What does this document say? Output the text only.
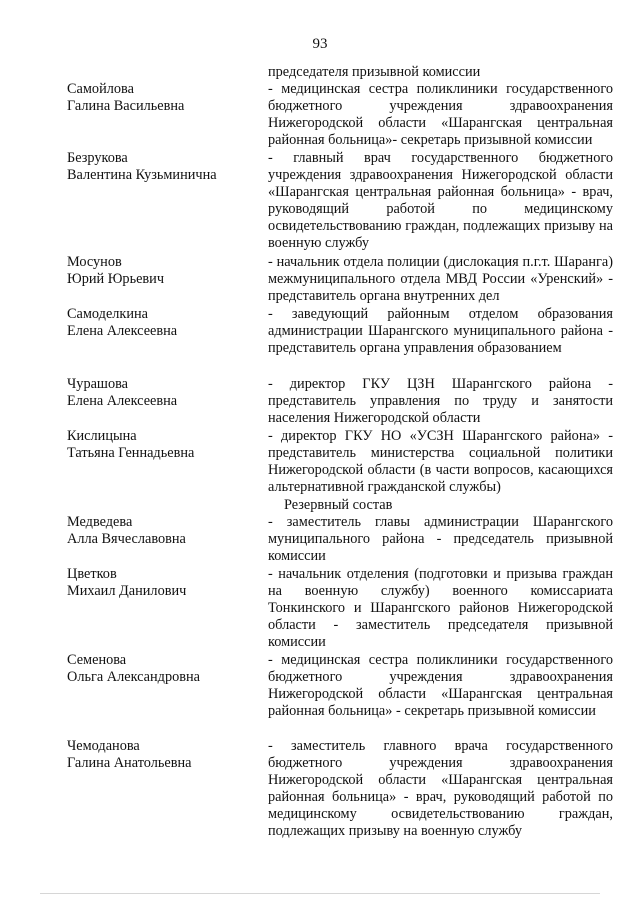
93
председателя призывной комиссии
Самойлова
Галина Васильевна
- медицинская сестра поликлиники государственного бюджетного учреждения здравоохранения Нижегородской области «Шарангская центральная районная больница»- секретарь призывной комиссии
Безрукова
Валентина Кузьминична
- главный врач государственного бюджетного учреждения здравоохранения Нижегородской области «Шарангская центральная районная больница» - врач, руководящий работой по медицинскому освидетельствованию граждан, подлежащих призыву на военную службу
Мосунов
Юрий Юрьевич
- начальник отдела полиции (дислокация п.г.т. Шаранга) межмуниципального отдела МВД России «Уренский» - представитель органа внутренних дел
Самоделкина
Елена Алексеевна
- заведующий районным отделом образования администрации Шарангского муниципального района - представитель органа управления образованием
Чурашова
Елена Алексеевна
- директор ГКУ ЦЗН Шарангского района - представитель управления по труду и занятости населения Нижегородской области
Кислицына
Татьяна Геннадьевна
- директор ГКУ НО «УСЗН Шарангского района» - представитель министерства социальной политики Нижегородской области (в части вопросов, касающихся альтернативной гражданской службы)
Резервный состав
Медведева
Алла Вячеславовна
- заместитель главы администрации Шарангского муниципального района - председатель призывной комиссии
Цветков
Михаил Данилович
- начальник отделения (подготовки и призыва граждан на военную службу) военного комиссариата Тонкинского и Шарангского районов Нижегородской области - заместитель председателя призывной комиссии
Семенова
Ольга Александровна
- медицинская сестра поликлиники государственного бюджетного учреждения здравоохранения Нижегородской области «Шарангская центральная районная больница» - секретарь призывной комиссии
Чемоданова
Галина Анатольевна
- заместитель главного врача государственного бюджетного учреждения здравоохранения Нижегородской области «Шарангская центральная районная больница» - врач, руководящий работой по медицинскому освидетельствованию граждан, подлежащих призыву на военную службу
